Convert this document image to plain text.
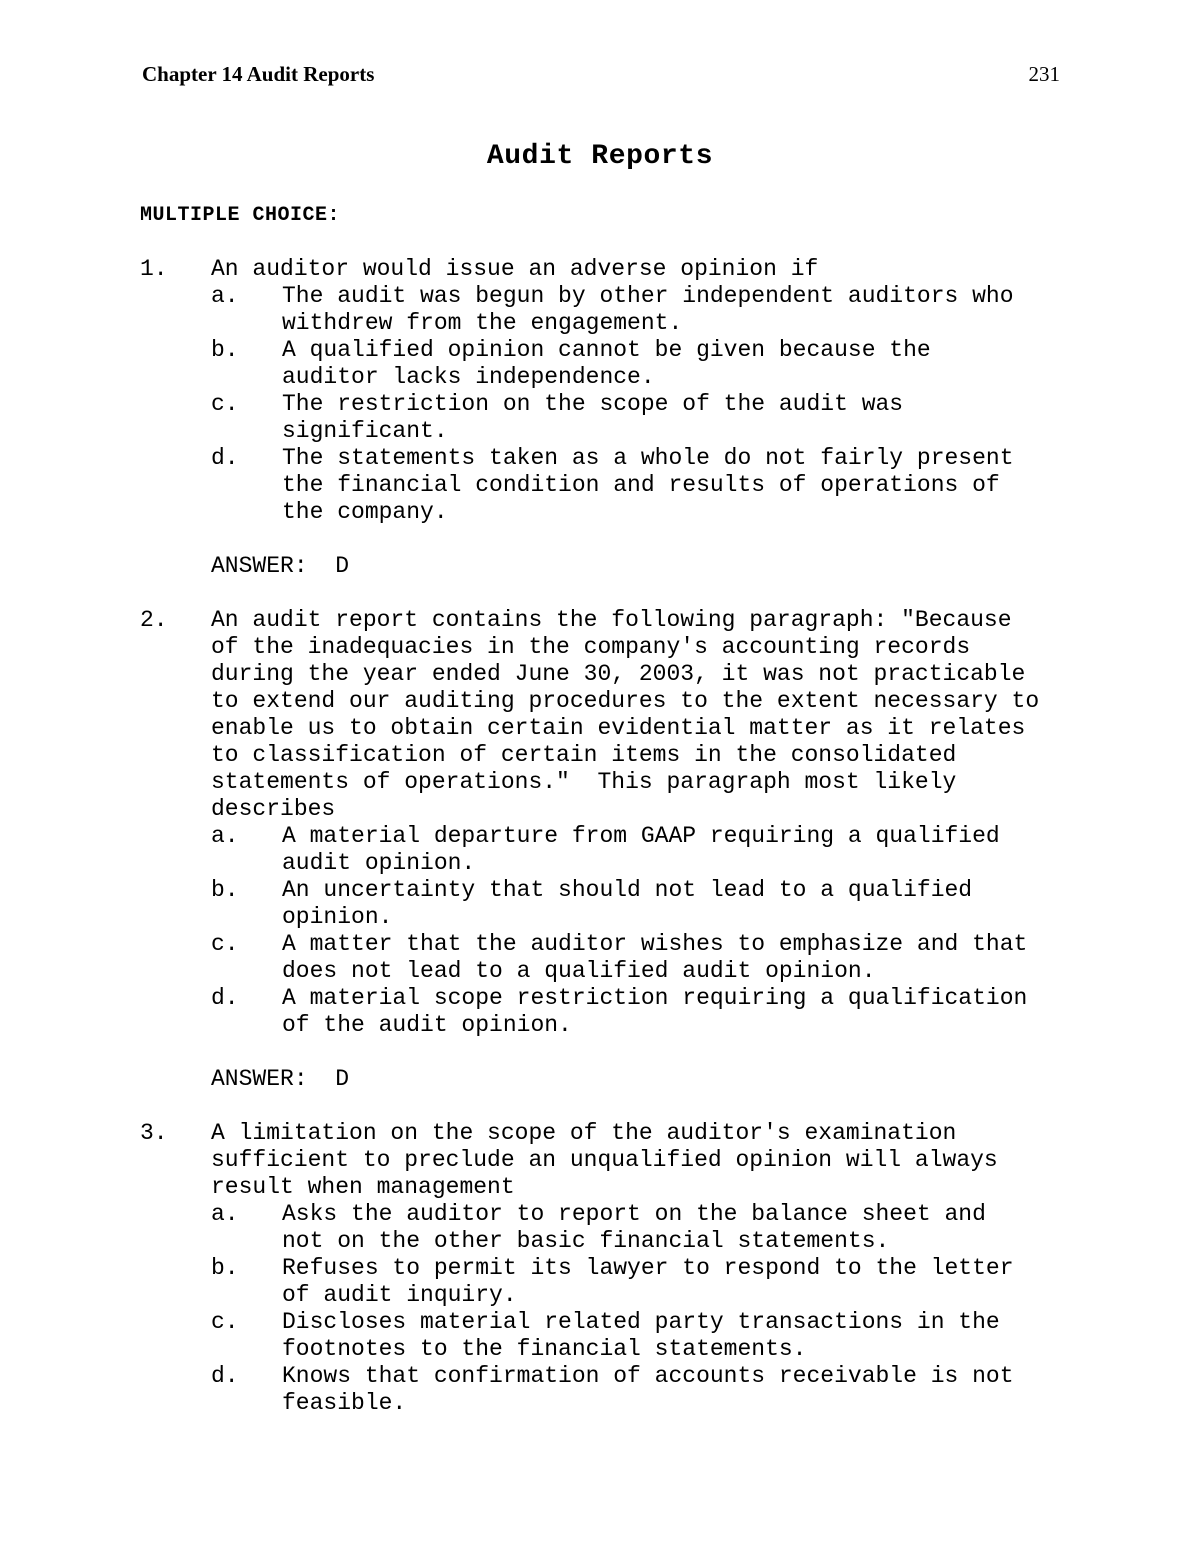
Chapter 14 Audit Reports	231
Audit Reports
MULTIPLE CHOICE:
1. An auditor would issue an adverse opinion if
a. The audit was begun by other independent auditors who
withdrew from the engagement.
b. A qualified opinion cannot be given because the
auditor lacks independence.
c. The restriction on the scope of the audit was
significant.
d. The statements taken as a whole do not fairly present
the financial condition and results of operations of
the company.
ANSWER:  D
2. An audit report contains the following paragraph: "Because
of the inadequacies in the company's accounting records
during the year ended June 30, 2003, it was not practicable
to extend our auditing procedures to the extent necessary to
enable us to obtain certain evidential matter as it relates
to classification of certain items in the consolidated
statements of operations."  This paragraph most likely
describes
a. A material departure from GAAP requiring a qualified
audit opinion.
b. An uncertainty that should not lead to a qualified
opinion.
c. A matter that the auditor wishes to emphasize and that
does not lead to a qualified audit opinion.
d. A material scope restriction requiring a qualification
of the audit opinion.
ANSWER:  D
3. A limitation on the scope of the auditor's examination
sufficient to preclude an unqualified opinion will always
result when management
a. Asks the auditor to report on the balance sheet and
not on the other basic financial statements.
b. Refuses to permit its lawyer to respond to the letter
of audit inquiry.
c. Discloses material related party transactions in the
footnotes to the financial statements.
d. Knows that confirmation of accounts receivable is not
feasible.
